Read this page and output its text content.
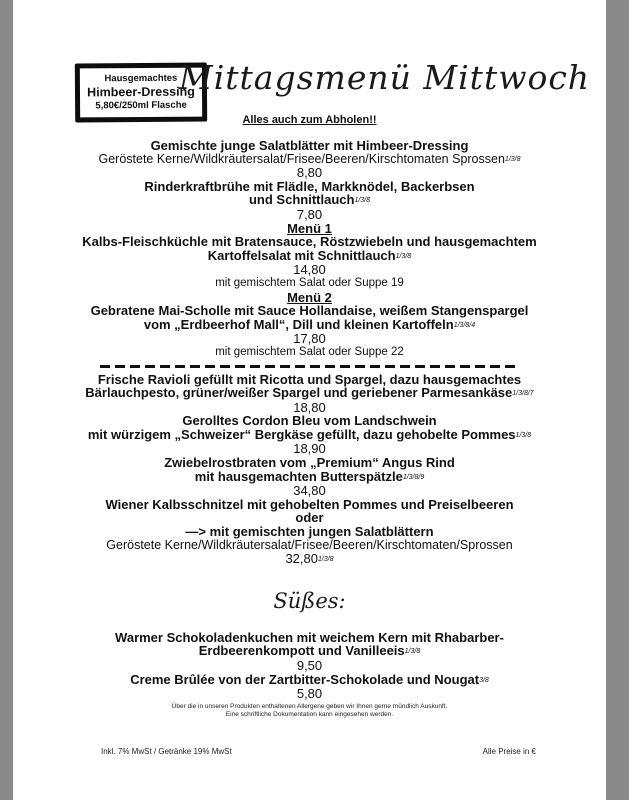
Hausgemachtes
Himbeer-Dressing
5,80€/250ml Flasche
Mittagsmenü Mittwoch
Alles auch zum Abholen!!
Gemischte junge Salatblätter mit Himbeer-Dressing
Geröstete Kerne/Wildkräutersalat/Frisee/Beeren/Kirschtomaten Sprossen$^{1/3/8}$
8,80
Rinderkraftbrühe mit Flädle, Markknödel, Backerbsen
und Schnittlauch$^{1/3/8}$
7,80
Menü 1
Kalbs-Fleischküchle mit Bratensauce, Röstzwiebeln und hausgemachtem
Kartoffelsalat mit Schnittlauch$^{1/3/8}$
14,80
mit gemischtem Salat oder Suppe 19
Menü 2
Gebratene Mai-Scholle mit Sauce Hollandaise, weißem Stangenspargel
vom „Erdbeerhof Mall“, Dill und kleinen Kartoffeln$^{1/3/8/4}$
17,80
mit gemischtem Salat oder Suppe 22
Frische Ravioli gefüllt mit Ricotta und Spargel, dazu hausgemachtes
Bärlauchpesto, grüner/weißer Spargel und geriebener Parmesankäse$^{1/3/8/7}$
18,80
Gerolltes Cordon Bleu vom Landschwein
mit würzigem „Schweizer“ Bergkäse gefüllt, dazu gehobelte Pommes$^{1/3/8}$
18,90
Zwiebelrostbraten vom „Premium“ Angus Rind
mit hausgemachten Butterspätzle$^{1/3/8/9}$
34,80
Wiener Kalbsschnitzel mit gehobelten Pommes und Preiselbeeren
oder
—> mit gemischten jungen Salatblättern
Geröstete Kerne/Wildkräutersalat/Frisee/Beeren/Kirschtomaten/Sprossen
$32,80^{1/3/8}$
Süßes:
Warmer Schokoladenkuchen mit weichem Kern mit Rhabarber-
Erdbeerenkompott und Vanilleeis$^{1/3/8}$
9,50
Creme Brûlée von der Zartbitter-Schokolade und Nougat$^{3/8}$
5,80
Über die in unseren Produkten enthaltenen Allergene geben wir Ihnen gerne mündlich Auskunft.
Eine schriftliche Dokumentation kann eingesehen werden.
Inkl. 7% MwSt / Getränke 19% MwSt	Alle Preise in €
